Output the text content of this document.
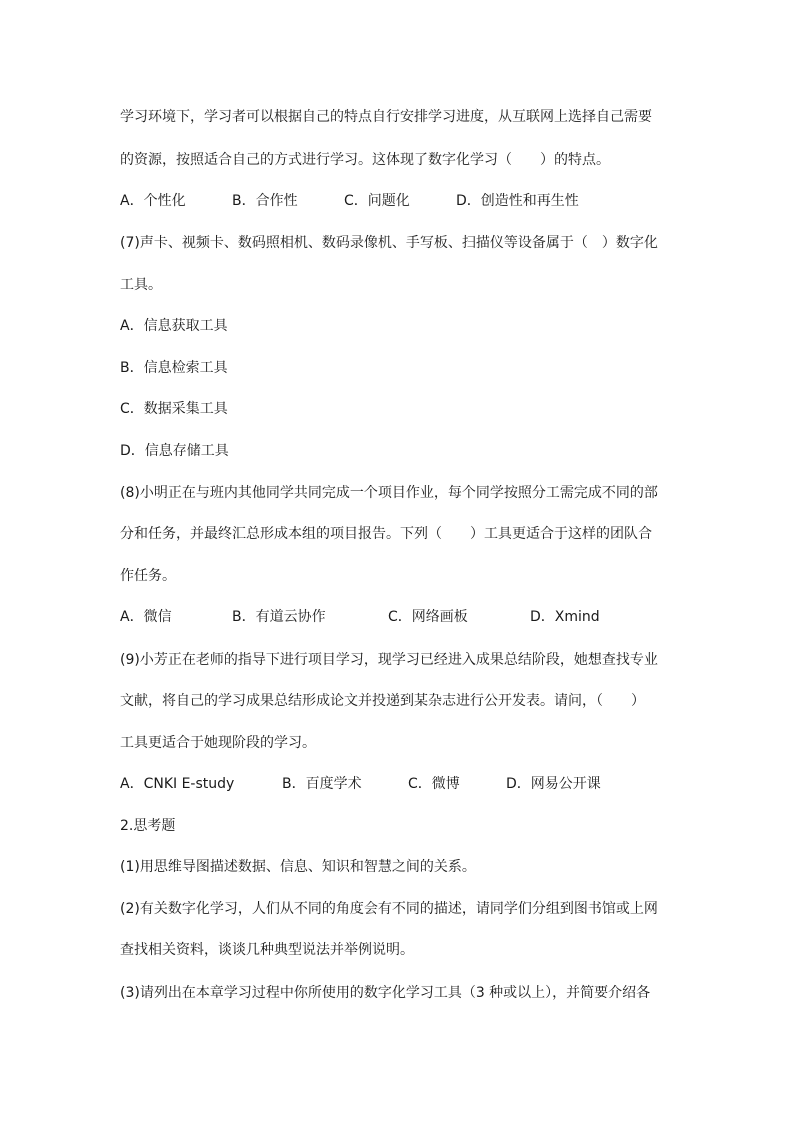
学习环境下，学习者可以根据自己的特点自行安排学习进度，从互联网上选择自己需要
的资源，按照适合自己的方式进行学习。这体现了数字化学习（　　）的特点。
A．个性化	B．合作性	C．问题化	D．创造性和再生性
(7)声卡、视频卡、数码照相机、数码录像机、手写板、扫描仪等设备属于（　）数字化
工具。
A．信息获取工具
B．信息检索工具
C．数据采集工具
D．信息存储工具
(8)小明正在与班内其他同学共同完成一个项目作业，每个同学按照分工需完成不同的部
分和任务，并最终汇总形成本组的项目报告。下列（　　）工具更适合于这样的团队合
作任务。
A．微信	B．有道云协作	C．网络画板	D．Xmind
(9)小芳正在老师的指导下进行项目学习，现学习已经进入成果总结阶段，她想查找专业
文献，将自己的学习成果总结形成论文并投递到某杂志进行公开发表。请问，（　　）
工具更适合于她现阶段的学习。
A．CNKI E-study	B．百度学术	C．微博	D．网易公开课
2.思考题
(1)用思维导图描述数据、信息、知识和智慧之间的关系。
(2)有关数字化学习，人们从不同的角度会有不同的描述，请同学们分组到图书馆或上网
查找相关资料，谈谈几种典型说法并举例说明。
(3)请列出在本章学习过程中你所使用的数字化学习工具（3 种或以上），并简要介绍各
